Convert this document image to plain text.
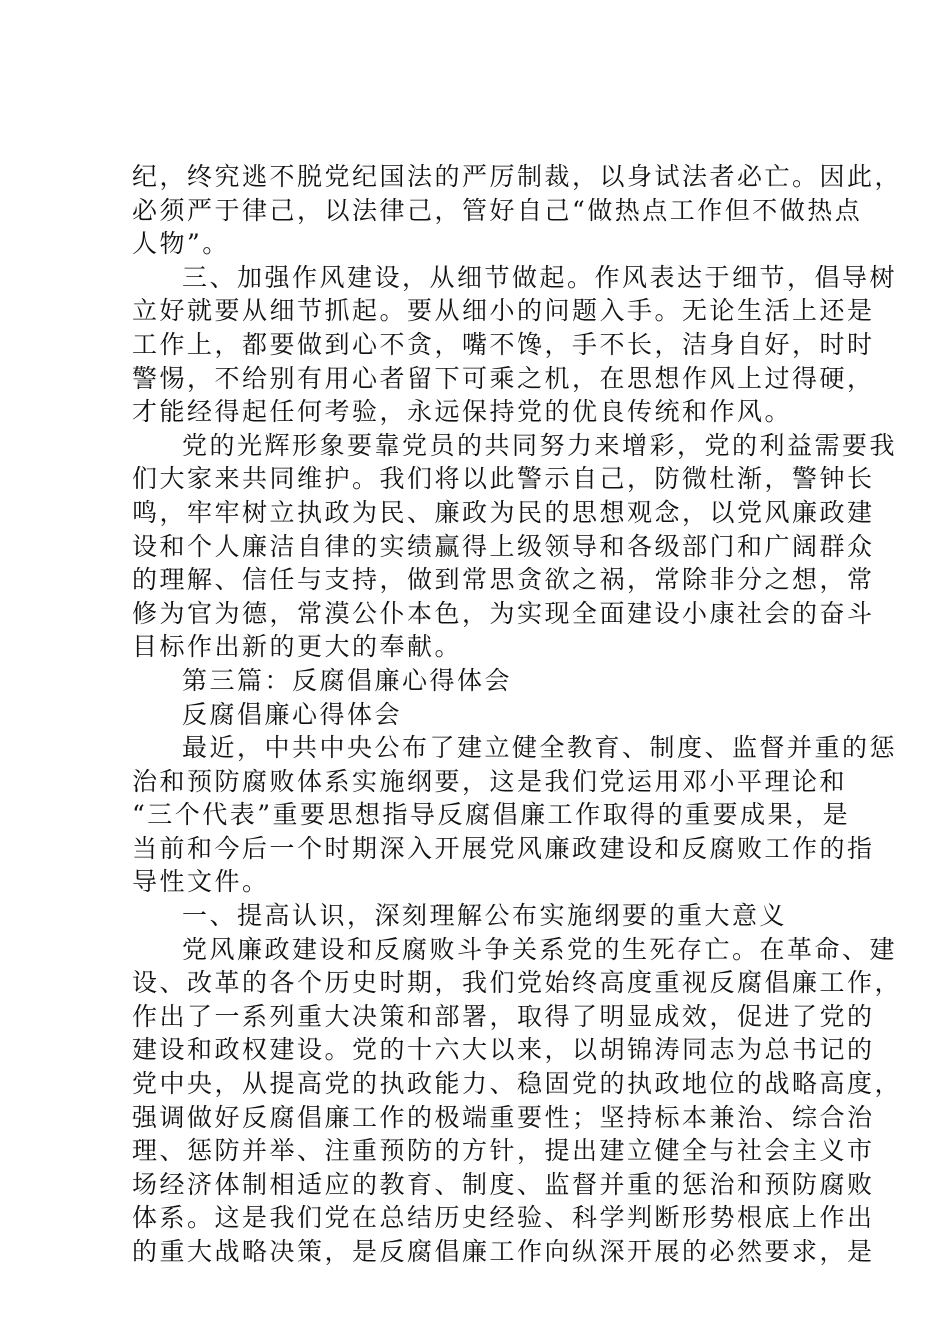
纪，终究逃不脱党纪国法的严厉制裁，以身试法者必亡。因此，
必须严于律己，以法律己，管好自己“做热点工作但不做热点
人物”。
三、加强作风建设，从细节做起。作风表达于细节，倡导树
立好就要从细节抓起。要从细小的问题入手。无论生活上还是
工作上，都要做到心不贪，嘴不馋，手不长，洁身自好，时时
警惕，不给别有用心者留下可乘之机，在思想作风上过得硬，
才能经得起任何考验，永远保持党的优良传统和作风。
党的光辉形象要靠党员的共同努力来增彩，党的利益需要我
们大家来共同维护。我们将以此警示自己，防微杜渐，警钟长
鸣，牢牢树立执政为民、廉政为民的思想观念，以党风廉政建
设和个人廉洁自律的实绩赢得上级领导和各级部门和广阔群众
的理解、信任与支持，做到常思贪欲之祸，常除非分之想，常
修为官为德，常漠公仆本色，为实现全面建设小康社会的奋斗
目标作出新的更大的奉献。
第三篇：反腐倡廉心得体会
反腐倡廉心得体会
最近，中共中央公布了建立健全教育、制度、监督并重的惩
治和预防腐败体系实施纲要，这是我们党运用邓小平理论和
“三个代表”重要思想指导反腐倡廉工作取得的重要成果，是
当前和今后一个时期深入开展党风廉政建设和反腐败工作的指
导性文件。
一、提高认识，深刻理解公布实施纲要的重大意义
党风廉政建设和反腐败斗争关系党的生死存亡。在革命、建
设、改革的各个历史时期，我们党始终高度重视反腐倡廉工作，
作出了一系列重大决策和部署，取得了明显成效，促进了党的
建设和政权建设。党的十六大以来，以胡锦涛同志为总书记的
党中央，从提高党的执政能力、稳固党的执政地位的战略高度，
强调做好反腐倡廉工作的极端重要性；坚持标本兼治、综合治
理、惩防并举、注重预防的方针，提出建立健全与社会主义市
场经济体制相适应的教育、制度、监督并重的惩治和预防腐败
体系。这是我们党在总结历史经验、科学判断形势根底上作出
的重大战略决策，是反腐倡廉工作向纵深开展的必然要求，是
